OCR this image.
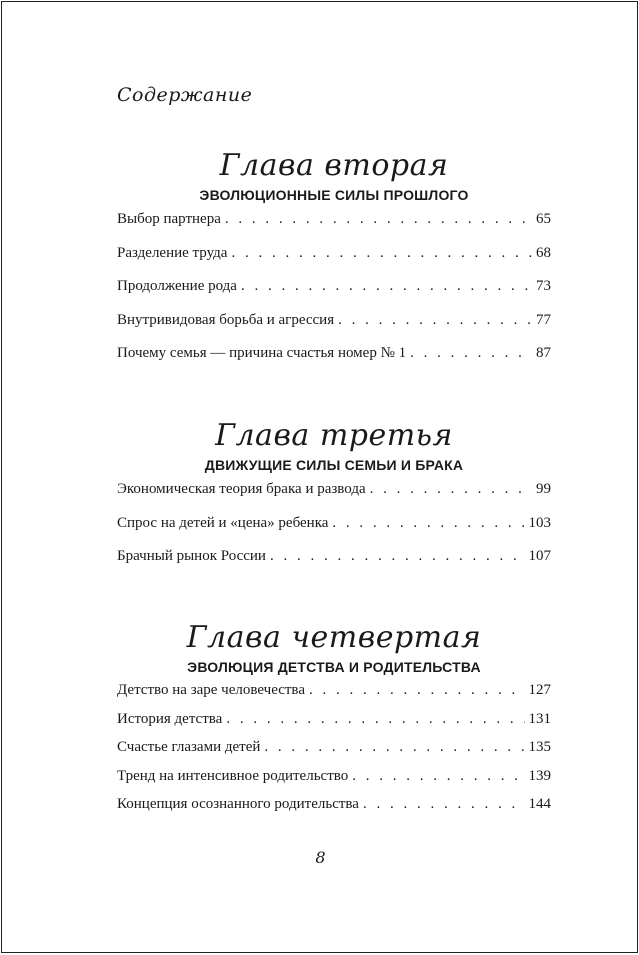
Содержание
Глава вторая
ЭВОЛЮЦИОННЫЕ СИЛЫ ПРОШЛОГО
Выбор партнера . . .	65
Разделение труда . . .	68
Продолжение рода . . .	73
Внутривидовая борьба и агрессия . . .	77
Почему семья — причина счастья номер № 1 . . .	87
Глава третья
ДВИЖУЩИЕ СИЛЫ СЕМЬИ И БРАКА
Экономическая теория брака и развода . . .	99
Спрос на детей и «цена» ребенка . . .	103
Брачный рынок России . . .	107
Глава четвертая
ЭВОЛЮЦИЯ ДЕТСТВА И РОДИТЕЛЬСТВА
Детство на заре человечества . . .	127
История детства . . .	131
Счастье глазами детей . . .	135
Тренд на интенсивное родительство . . .	139
Концепция осознанного родительства . . .	144
8
